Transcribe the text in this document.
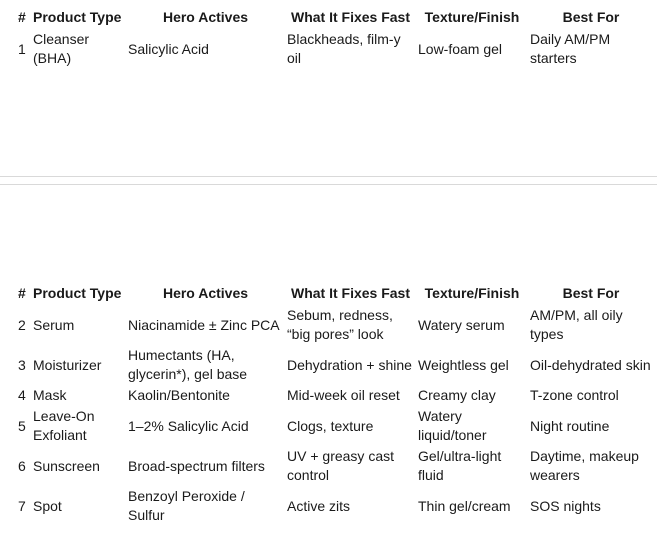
#	Product Type	Hero Actives	What It Fixes Fast	Texture/Finish	Best For
1	Cleanser (BHA)	Salicylic Acid	Blackheads, film-y oil	Low-foam gel	Daily AM/PM starters
#	Product Type	Hero Actives	What It Fixes Fast	Texture/Finish	Best For
2	Serum	Niacinamide ± Zinc PCA	Sebum, redness, “big pores” look	Watery serum	AM/PM, all oily types
3	Moisturizer	Humectants (HA, glycerin*), gel base	Dehydration + shine	Weightless gel	Oil-dehydrated skin
4	Mask	Kaolin/Bentonite	Mid-week oil reset	Creamy clay	T-zone control
5	Leave-On Exfoliant	1–2% Salicylic Acid	Clogs, texture	Watery liquid/toner	Night routine
6	Sunscreen	Broad-spectrum filters	UV + greasy cast control	Gel/ultra-light fluid	Daytime, makeup wearers
7	Spot	Benzoyl Peroxide / Sulfur	Active zits	Thin gel/cream	SOS nights
